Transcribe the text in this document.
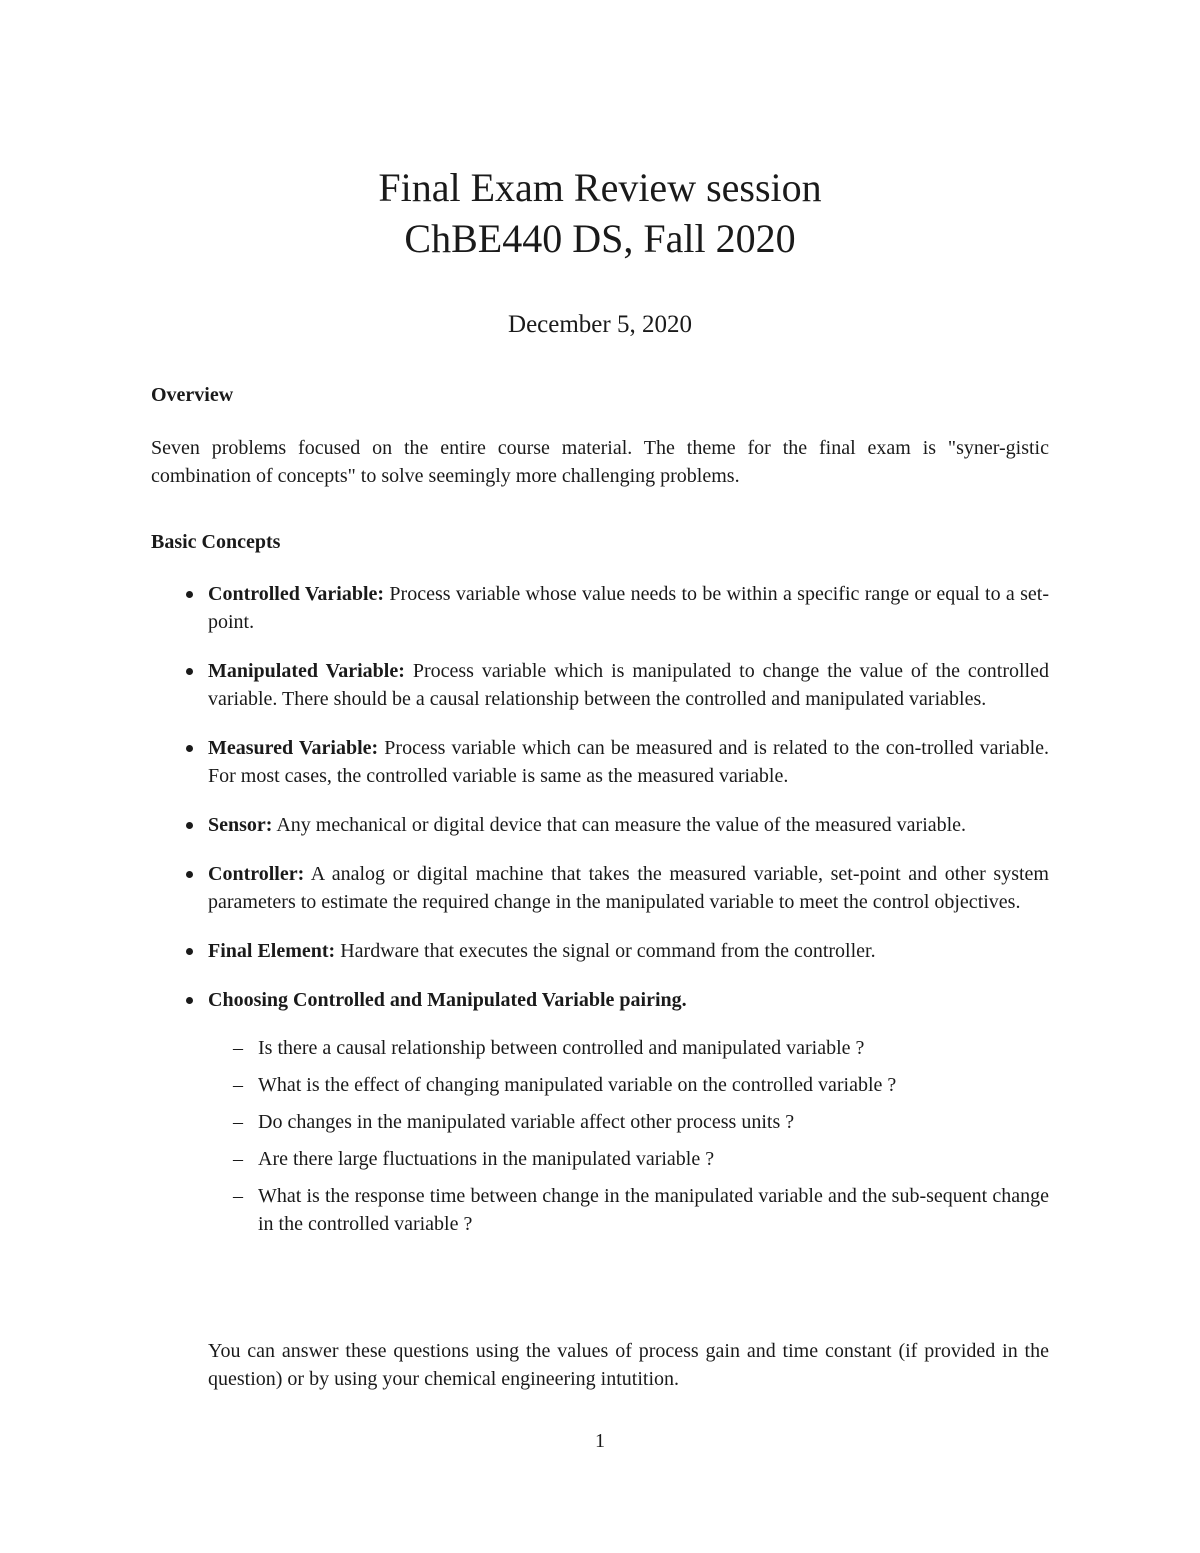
Final Exam Review session

ChBE440 DS, Fall 2020

December 5, 2020
Overview
Seven problems focused on the entire course material. The theme for the final exam is "syner-gistic combination of concepts" to solve seemingly more challenging problems.
Basic Concepts
Controlled Variable: Process variable whose value needs to be within a specific range or equal to a set-point.
Manipulated Variable: Process variable which is manipulated to change the value of the controlled variable. There should be a causal relationship between the controlled and manipulated variables.
Measured Variable: Process variable which can be measured and is related to the con-trolled variable. For most cases, the controlled variable is same as the measured variable.
Sensor: Any mechanical or digital device that can measure the value of the measured variable.
Controller: A analog or digital machine that takes the measured variable, set-point and other system parameters to estimate the required change in the manipulated variable to meet the control objectives.
Final Element: Hardware that executes the signal or command from the controller.
Choosing Controlled and Manipulated Variable pairing.
– Is there a causal relationship between controlled and manipulated variable ?
– What is the effect of changing manipulated variable on the controlled variable ?
– Do changes in the manipulated variable affect other process units ?
– Are there large fluctuations in the manipulated variable ?
– What is the response time between change in the manipulated variable and the sub-sequent change in the controlled variable ?
You can answer these questions using the values of process gain and time constant (if provided in the question) or by using your chemical engineering intutition.
1
